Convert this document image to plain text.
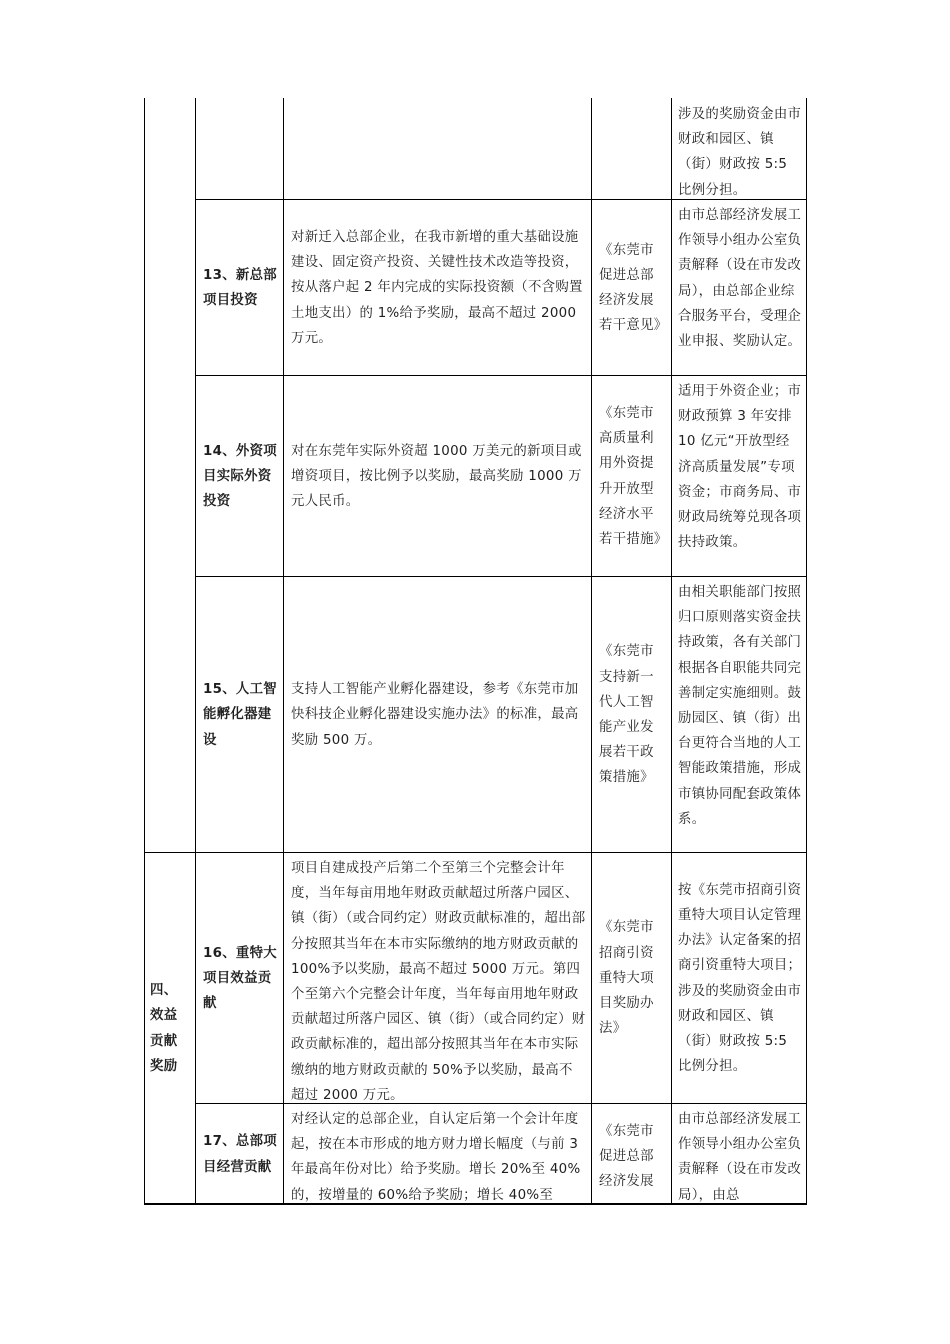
涉及的奖励资金由市财政和园区、镇（街）财政按 5:5 比例分担。
13、新总部项目投资
对新迁入总部企业，在我市新增的重大基础设施建设、固定资产投资、关键性技术改造等投资，按从落户起 2 年内完成的实际投资额（不含购置土地支出）的 1%给予奖励，最高不超过 2000 万元。
《东莞市促进总部经济发展若干意见》
由市总部经济发展工作领导小组办公室负责解释（设在市发改局），由总部企业综合服务平台，受理企业申报、奖励认定。
14、外资项目实际外资投资
对在东莞年实际外资超 1000 万美元的新项目或增资项目，按比例予以奖励，最高奖励 1000 万元人民币。
《东莞市高质量利用外资提升开放型经济水平若干措施》
适用于外资企业；市财政预算 3 年安排 10 亿元“开放型经济高质量发展”专项资金；市商务局、市财政局统筹兑现各项扶持政策。
15、人工智能孵化器建设
支持人工智能产业孵化器建设，参考《东莞市加快科技企业孵化器建设实施办法》的标准，最高奖励 500 万。
《东莞市支持新一代人工智能产业发展若干政策措施》
由相关职能部门按照归口原则落实资金扶持政策，各有关部门根据各自职能共同完善制定实施细则。鼓励园区、镇（街）出台更符合当地的人工智能政策措施，形成市镇协同配套政策体系。
四、效益贡献奖励
16、重特大项目效益贡献
项目自建成投产后第二个至第三个完整会计年度，当年每亩用地年财政贡献超过所落户园区、镇（街）（或合同约定）财政贡献标准的，超出部分按照其当年在本市实际缴纳的地方财政贡献的 100%予以奖励，最高不超过 5000 万元。第四个至第六个完整会计年度，当年每亩用地年财政贡献超过所落户园区、镇（街）（或合同约定）财政贡献标准的，超出部分按照其当年在本市实际缴纳的地方财政贡献的 50%予以奖励，最高不超过 2000 万元。
《东莞市招商引资重特大项目奖励办法》
按《东莞市招商引资重特大项目认定管理办法》认定备案的招商引资重特大项目；涉及的奖励资金由市财政和园区、镇（街）财政按 5:5 比例分担。
17、总部项目经营贡献
对经认定的总部企业，自认定后第一个会计年度起，按在本市形成的地方财力增长幅度（与前 3 年最高年份对比）给予奖励。增长 20%至 40%的，按增量的 60%给予奖励；增长 40%至
《东莞市促进总部经济发展
由市总部经济发展工作领导小组办公室负责解释（设在市发改局），由总
